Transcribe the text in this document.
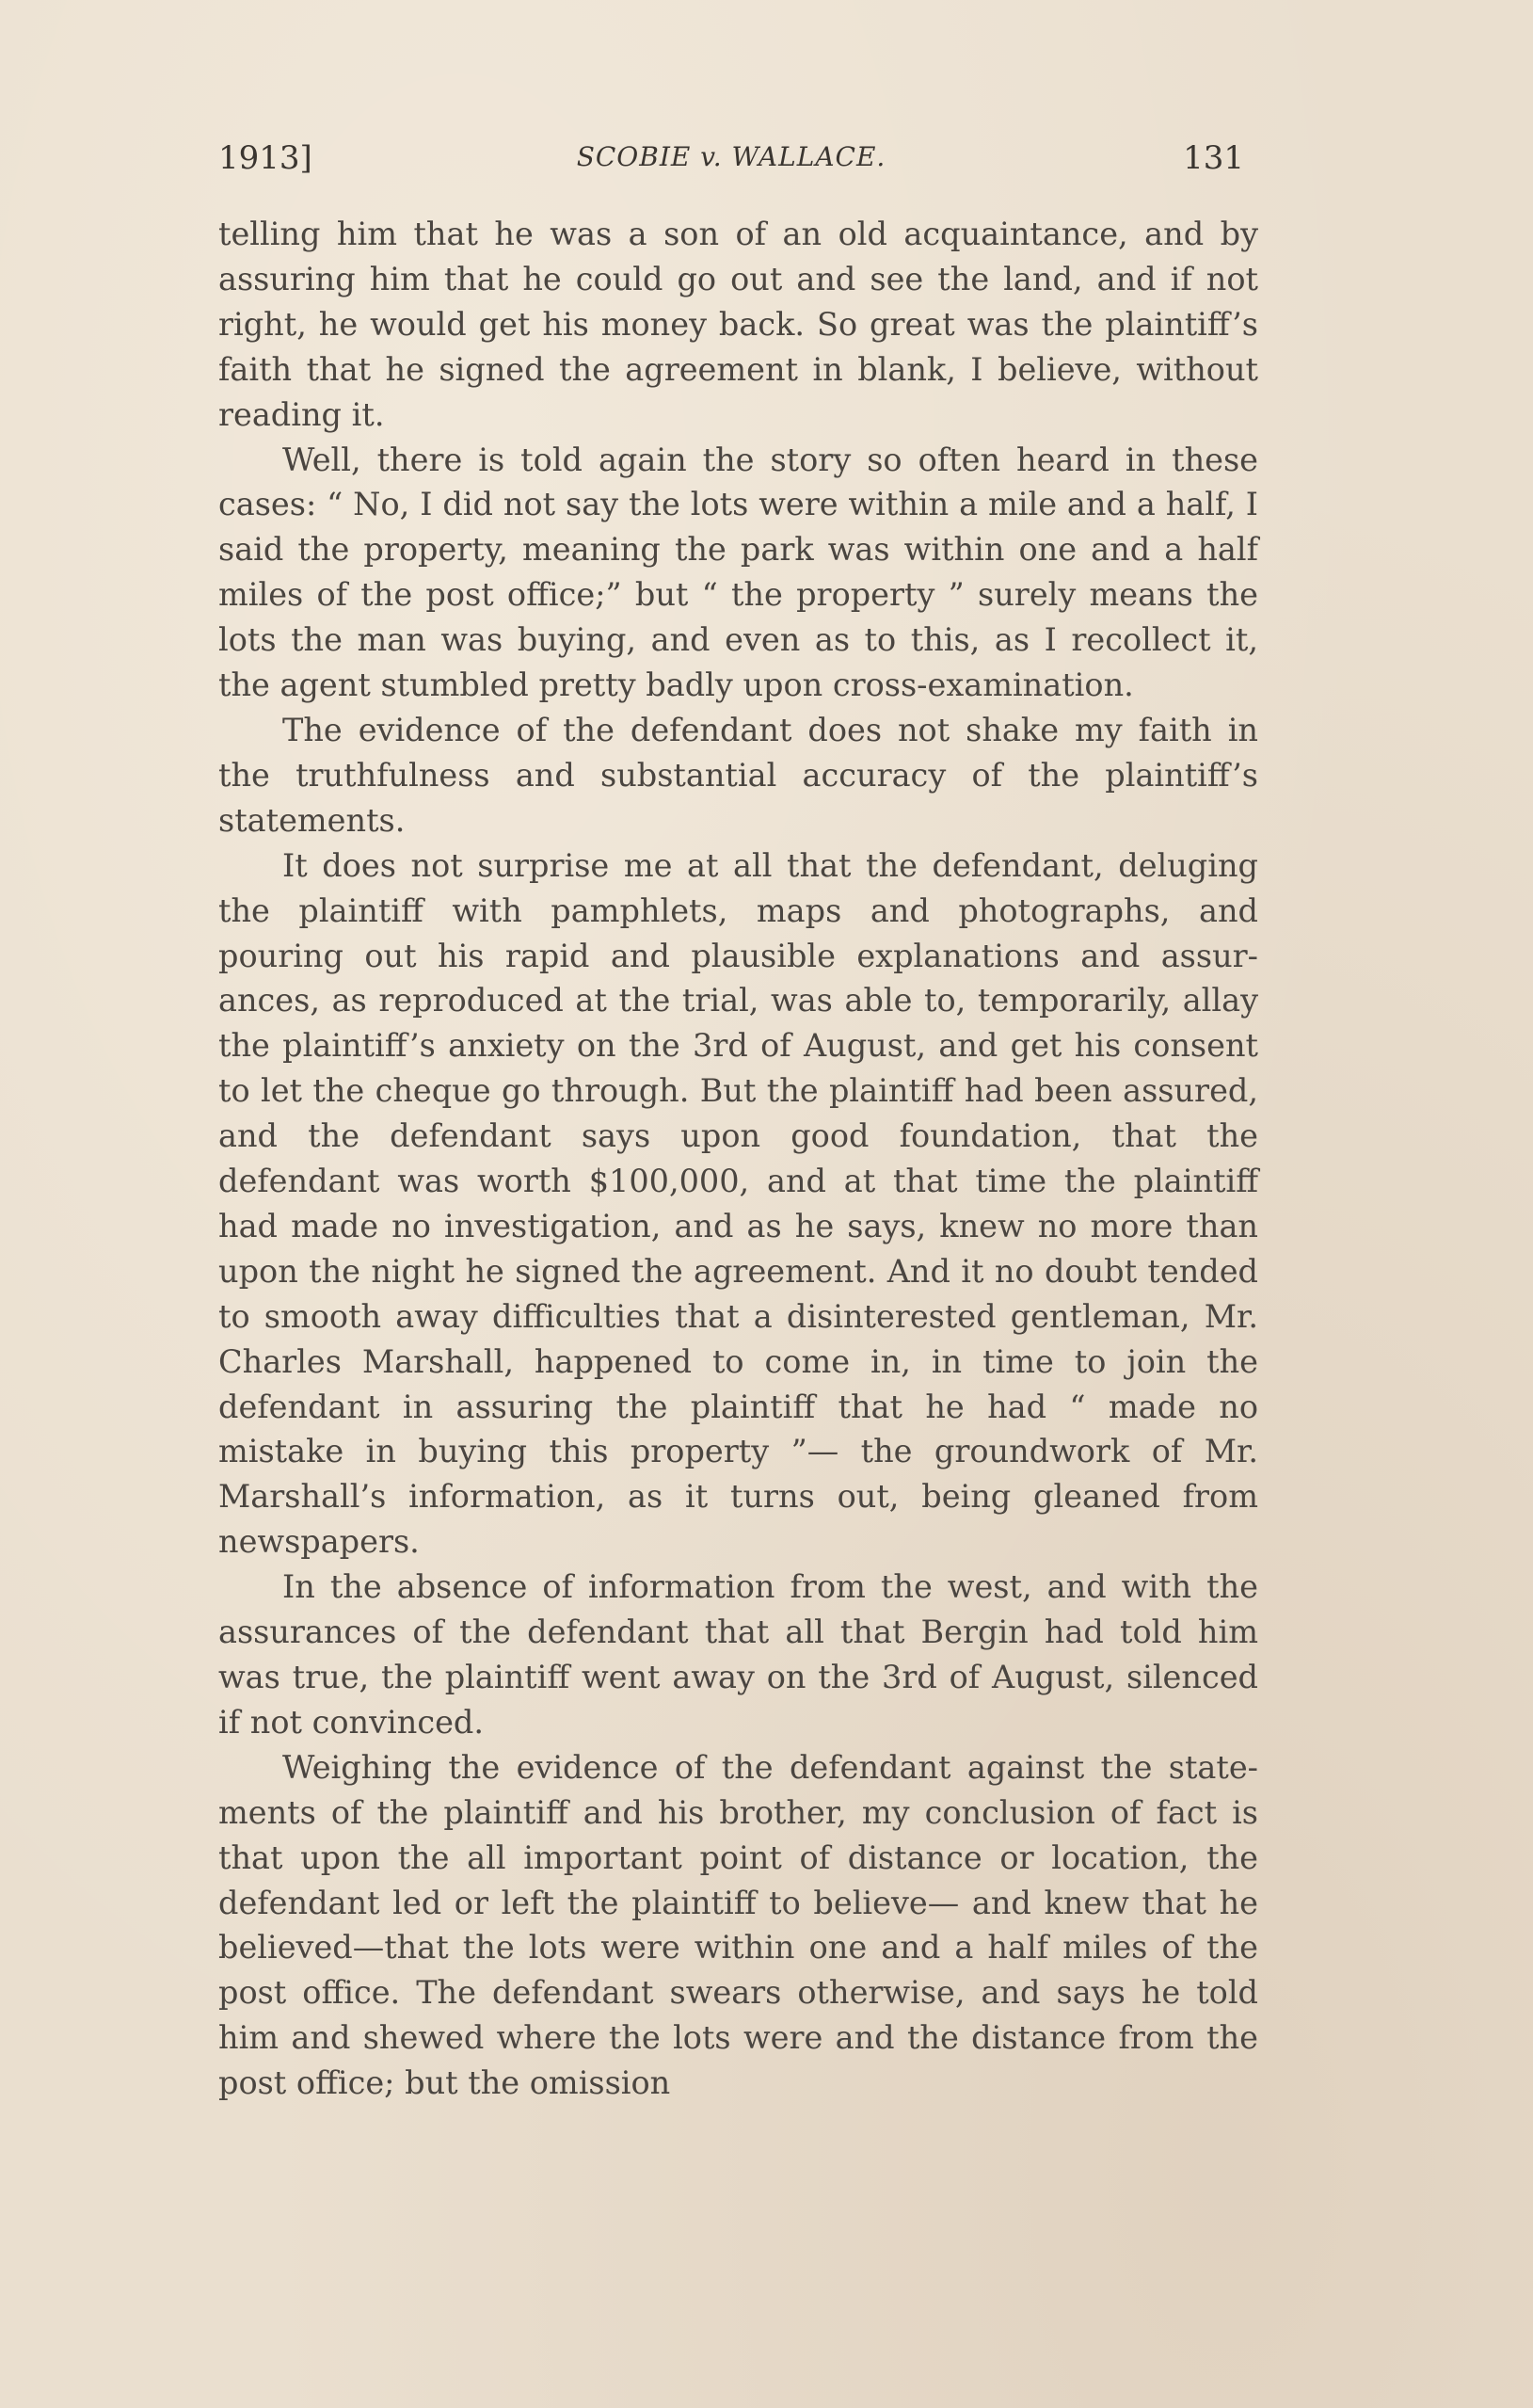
1913]	SCOBIE v. WALLACE.	131

telling him that he was a son of an old acquaintance, and by assuring him that he could go out and see the land, and if not right, he would get his money back. So great was the plaintiff’s faith that he signed the agreement in blank, I believe, without reading it.

Well, there is told again the story so often heard in these cases: “ No, I did not say the lots were within a mile and a half, I said the property, meaning the park was within one and a half miles of the post office;” but “ the property ” surely means the lots the man was buying, and even as to this, as I recollect it, the agent stumbled pretty badly upon cross-examination.

The evidence of the defendant does not shake my faith in the truthfulness and substantial accuracy of the plaintiff’s statements.

It does not surprise me at all that the defendant, deluging the plaintiff with pamphlets, maps and photographs, and pouring out his rapid and plausible explanations and assurances, as reproduced at the trial, was able to, temporarily, allay the plaintiff’s anxiety on the 3rd of August, and get his consent to let the cheque go through. But the plaintiff had been assured, and the defendant says upon good foundation, that the defendant was worth $100,000, and at that time the plaintiff had made no investigation, and as he says, knew no more than upon the night he signed the agreement. And it no doubt tended to smooth away difficulties that a disinterested gentleman, Mr. Charles Marshall, happened to come in, in time to join the defendant in assuring the plaintiff that he had “ made no mistake in buying this property ”— the groundwork of Mr. Marshall’s information, as it turns out, being gleaned from newspapers.

In the absence of information from the west, and with the assurances of the defendant that all that Bergin had told him was true, the plaintiff went away on the 3rd of August, silenced if not convinced.

Weighing the evidence of the defendant against the statements of the plaintiff and his brother, my conclusion of fact is that upon the all important point of distance or location, the defendant led or left the plaintiff to believe— and knew that he believed—that the lots were within one and a half miles of the post office. The defendant swears otherwise, and says he told him and shewed where the lots were and the distance from the post office; but the omission
